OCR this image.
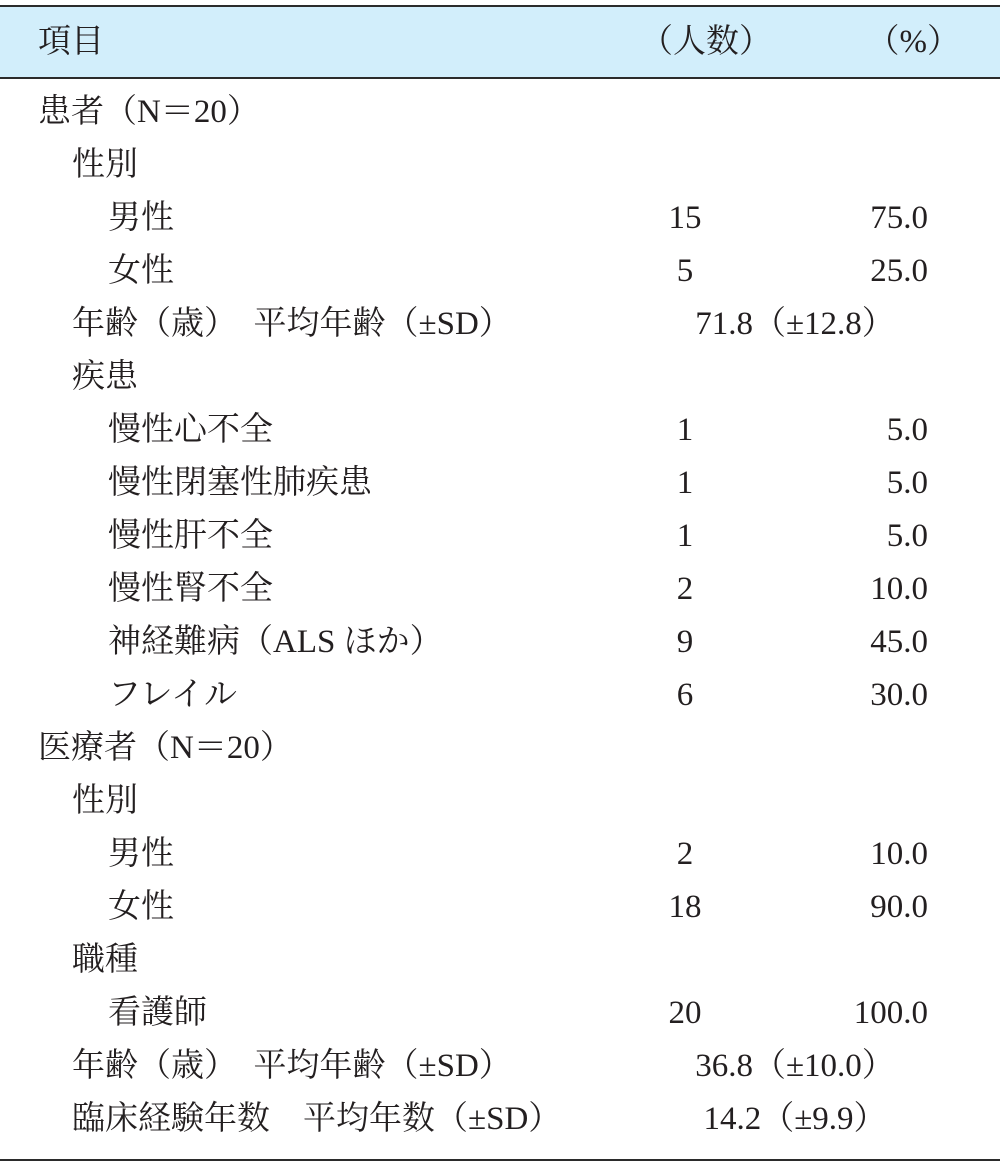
項目	（人数）	（%）
患者（N＝20）
性別
男性	15	75.0
女性	5	25.0
年齢（歳）　平均年齢（±SD）	71.8（±12.8）
疾患
慢性心不全	1	5.0
慢性閉塞性肺疾患	1	5.0
慢性肝不全	1	5.0
慢性腎不全	2	10.0
神経難病（ALS ほか）	9	45.0
フレイル	6	30.0
医療者（N＝20）
性別
男性	2	10.0
女性	18	90.0
職種
看護師	20	100.0
年齢（歳）　平均年齢（±SD）	36.8（±10.0）
臨床経験年数　平均年数（±SD）	14.2（±9.9）
